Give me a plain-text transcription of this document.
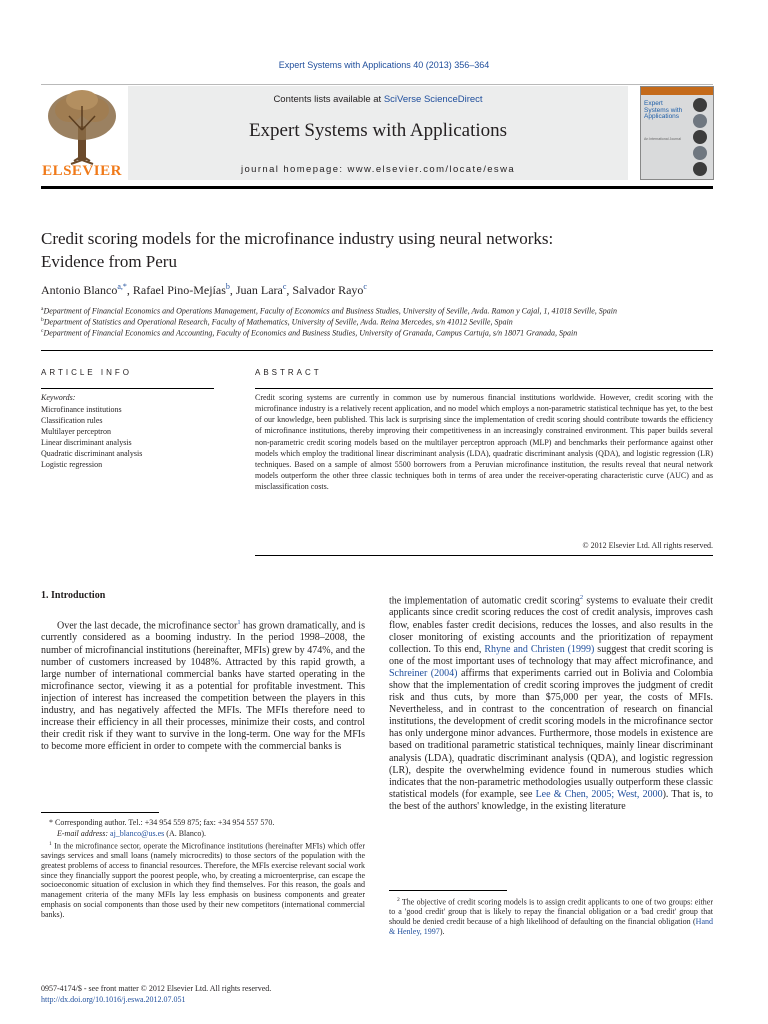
Expert Systems with Applications 40 (2013) 356–364
Contents lists available at SciVerse ScienceDirect
Expert Systems with Applications
journal homepage: www.elsevier.com/locate/eswa
ELSEVIER
Expert Systems with Applications
An International Journal
Credit scoring models for the microfinance industry using neural networks:
Evidence from Peru
Antonio Blanco$^{a,*}$, Rafael Pino-Mejías$^b$, Juan Lara$^c$, Salvador Rayo$^c$
$^a$Department of Financial Economics and Operations Management, Faculty of Economics and Business Studies, University of Seville, Avda. Ramon y Cajal, 1, 41018 Seville, Spain
$^b$Department of Statistics and Operational Research, Faculty of Mathematics, University of Seville, Avda. Reina Mercedes, s/n 41012 Seville, Spain
$^c$Department of Financial Economics and Accounting, Faculty of Economics and Business Studies, University of Granada, Campus Cartuja, s/n 18071 Granada, Spain
ARTICLE INFO
Keywords:
Microfinance institutions
Classification rules
Multilayer perceptron
Linear discriminant analysis
Quadratic discriminant analysis
Logistic regression
ABSTRACT
Credit scoring systems are currently in common use by numerous financial institutions worldwide. However, credit scoring with the microfinance industry is a relatively recent application, and no model which employs a non-parametric statistical technique has yet, to the best of our knowledge, been published. This lack is surprising since the implementation of credit scoring should contribute towards the efficiency of microfinance institutions, thereby improving their competitiveness in an increasingly constrained environment. This paper builds several non-parametric credit scoring models based on the multilayer perceptron approach (MLP) and benchmarks their performance against other models which employ the traditional linear discriminant analysis (LDA), quadratic discriminant analysis (QDA), and logistic regression (LR) techniques. Based on a sample of almost 5500 borrowers from a Peruvian microfinance institution, the results reveal that neural network models outperform the other three classic techniques both in terms of area under the receiver-operating characteristic curve (AUC) and as misclassification costs.
© 2012 Elsevier Ltd. All rights reserved.
1. Introduction
Over the last decade, the microfinance sector$^1$ has grown dramatically, and is currently considered as a booming industry. In the period 1998–2008, the number of microfinancial institutions (hereinafter, MFIs) grew by 474%, and the number of customers increased by 1048%. Attracted by this rapid growth, a large number of international commercial banks have started operating in the microfinance sector, viewing it as a potential for profitable investment. This injection of interest has increased the competition between the players in this industry, and has negatively affected the MFIs. The MFIs therefore need to increase their efficiency in all their processes, minimize their costs, and control their credit risk if they want to survive in the long-term. One way for the MFIs to become more efficient in order to compete with the commercial banks is
the implementation of automatic credit scoring$^2$ systems to evaluate their credit applicants since credit scoring reduces the cost of credit analysis, improves cash flow, enables faster credit decisions, reduces the losses, and also results in the closer monitoring of existing accounts and the prioritization of repayment collection. To this end, Rhyne and Christen (1999) suggest that credit scoring is one of the most important uses of technology that may affect microfinance, and Schreiner (2004) affirms that experiments carried out in Bolivia and Colombia show that the implementation of credit scoring improves the judgment of credit risk and thus cuts, by more than $75,000 per year, the costs of MFIs. Nevertheless, and in contrast to the concentration of research on financial institutions, the development of credit scoring models in the microfinance sector has only undergone minor advances. Furthermore, those models in existence are based on traditional parametric statistical techniques, mainly linear discriminant analysis (LDA), quadratic discriminant analysis (QDA), and logistic regression (LR), despite the overwhelming evidence found in numerous studies which indicates that the non-parametric methodologies usually outperform these classic statistical models (for example, see Lee & Chen, 2005; West, 2000). That is, to the best of the authors' knowledge, in the existing literature
* Corresponding author. Tel.: +34 954 559 875; fax: +34 954 557 570.
E-mail address: aj_blanco@us.es (A. Blanco).
$^1$ In the microfinance sector, operate the Microfinance institutions (hereinafter MFIs) which offer savings services and small loans (namely microcredits) to those sectors of the population with the greatest problems of access to financial resources. Therefore, the MFIs exercise relevant social work since they financially support the poorest people, who, by creating a microenterprise, can escape the socioeconomic situation of exclusion in which they find themselves. For this reason, the goals and management criteria of the many MFIs lay less emphasis on business components and greater emphasis on social components than those used by their new competitors (international commercial banks).
$^2$ The objective of credit scoring models is to assign credit applicants to one of two groups: either to a 'good credit' group that is likely to repay the financial obligation or a 'bad credit' group that should be denied credit because of a high likelihood of defaulting on the financial obligation (Hand & Henley, 1997).
0957-4174/$ - see front matter © 2012 Elsevier Ltd. All rights reserved.
http://dx.doi.org/10.1016/j.eswa.2012.07.051
